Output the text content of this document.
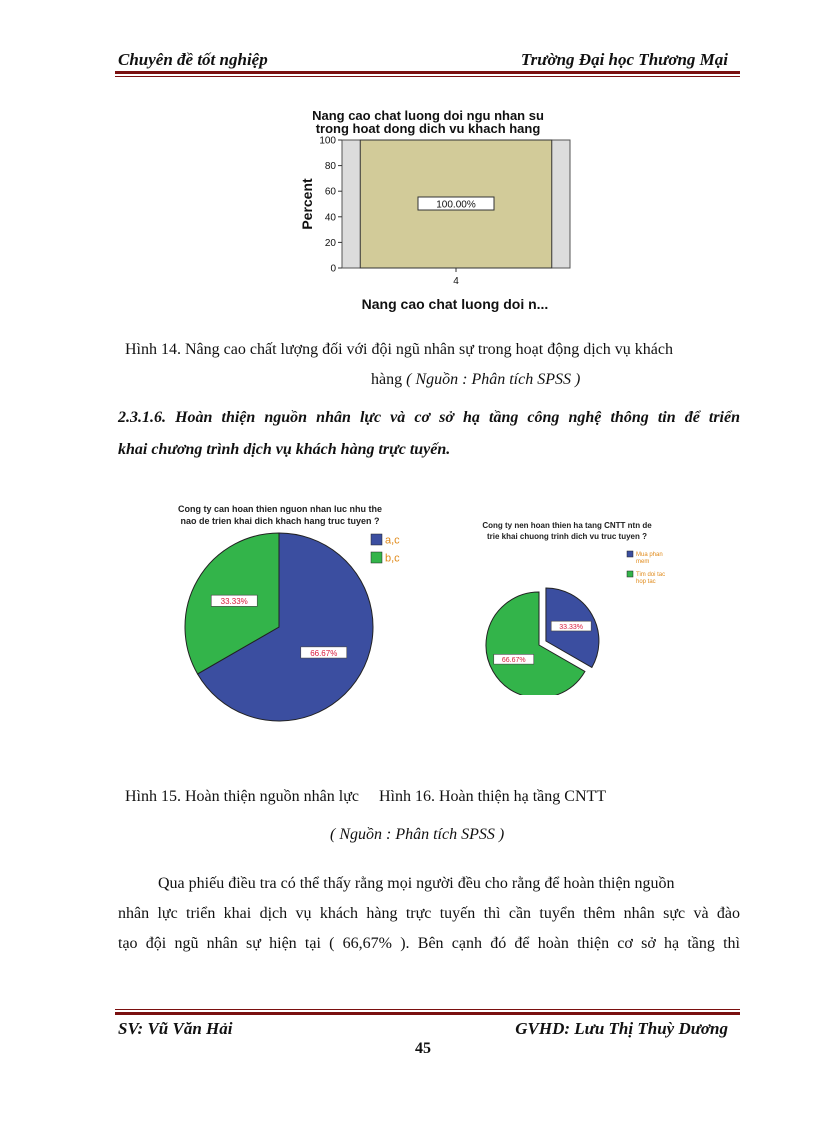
Chuyên đề tốt nghiệp	Trường Đại học Thương Mại
Nang cao chat luong doi ngu nhan su
trong hoat dong dich vu khach hang
100.00%
0
20
40
60
80
100
4
Percent
Nang cao chat luong doi n...
Hình 14. Nâng cao chất lượng đối với đội ngũ nhân sự trong hoạt động dịch vụ khách
hàng ( Nguồn : Phân tích SPSS )
2.3.1.6. Hoàn thiện nguồn nhân lực và cơ sở hạ tầng công nghệ thông tin để triển
khai chương trình dịch vụ khách hàng trực tuyến.
Cong ty can hoan thien nguon nhan luc nhu the
nao de trien khai dich khach hang truc tuyen ?
66.67%
33.33%
a,c
b,c
Cong ty nen hoan thien ha tang CNTT ntn de
trie khai chuong trinh dich vu truc tuyen ?
33.33%
66.67%
Mua phan
mem
Tim doi tac
hop tac
Hình 15. Hoàn thiện nguồn nhân lực     Hình 16. Hoàn thiện hạ tầng CNTT
( Nguồn : Phân tích SPSS )
Qua phiếu điều tra có thể thấy rằng mọi người đều cho rằng để hoàn thiện nguồn
nhân lực triển khai dịch vụ khách hàng trực tuyến thì cần tuyển thêm nhân sực và đào
tạo đội ngũ nhân sự hiện tại ( 66,67% ). Bên cạnh đó để hoàn thiện cơ sở hạ tầng thì
SV: Vũ Văn Hải	GVHD: Lưu Thị Thuỳ Dương
45
